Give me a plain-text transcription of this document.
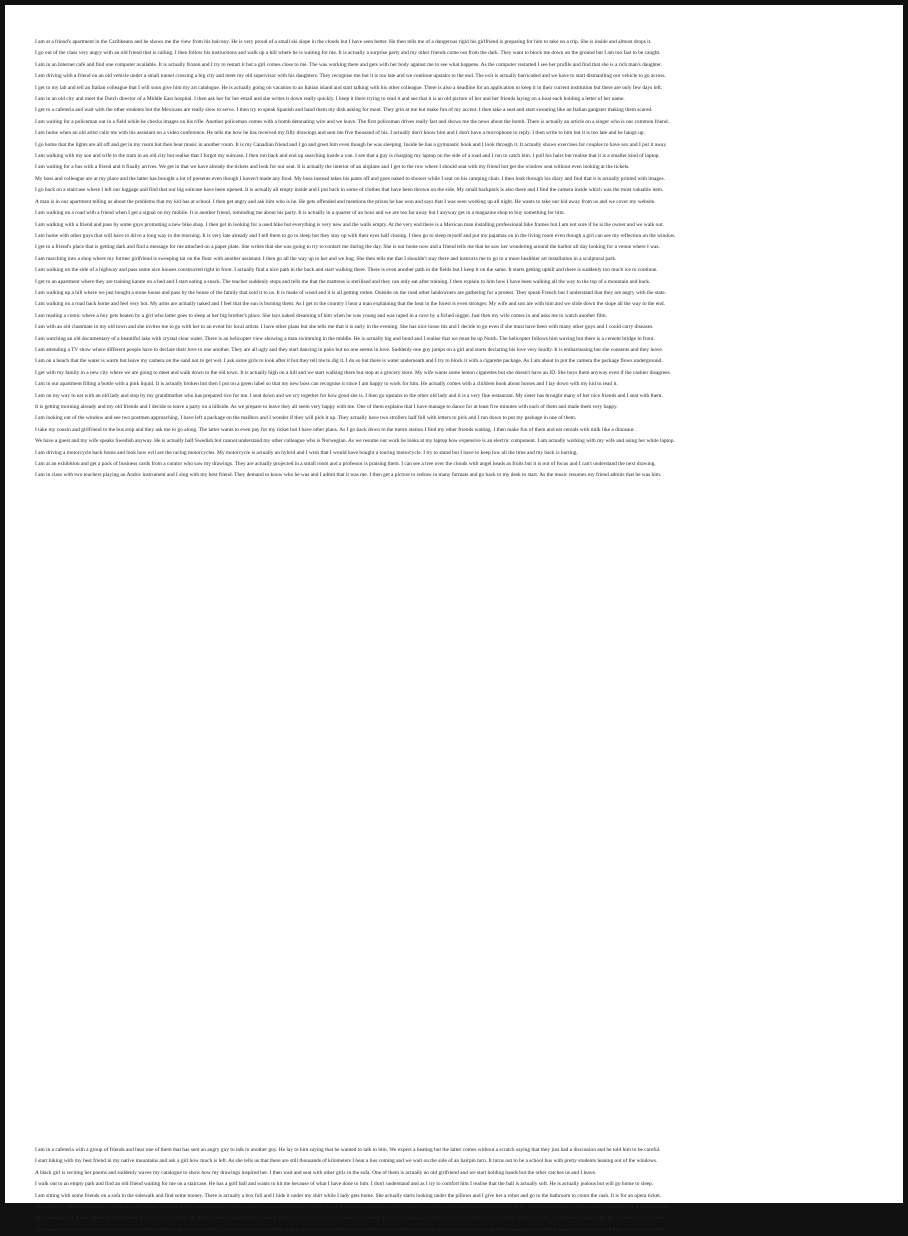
I am at a friend's apartment in the Caribbeans and he shows me the view from his balcony. He is very proud of a small ski slope in the clouds but I have seen better. He then tells me of a dangerous rigid his girlfriend is preparing for him to take on a trip. She is inside and almost drops it.
I go out of the class very angry with an old friend that is calling. I then follow his instructions and walk up a hill where he is waiting for me. It is actually a surprise party and my other friends come out from the dark. They want to block me down on the ground but I am too fast to be caught.
I am in an Internet café and find one computer available. It is actually frozen and I try to restart it but a girl comes close to me. The was working there and gets with her body against me to see what happens. As the computer restarted I see her profile and find that she is a rich man's daughter.
I am driving with a friend on an old vehicle under a small tunnel crossing a big city and meet my old supervisor with his daughters. They recognise me but it is too late and we continue upstairs to the end. The exit is actually barricaded and we have to start dismantling our vehicle to go across.
I get to my lab and tell an Italian colleague that I will soon give him my art catalogue. He is actually going on vacation to an Italian island and start talking with his other colleague. There is also a deadline for an application to keep it in their current institution but there are only few days left.
I am in an old city and meet the Dutch director of a Middle East hospital. I then ask her for her email and she writes it down really quickly. I keep it there trying to read it and see that it is an old picture of her and her friends laying on a boat each holding a letter of her name.
I get to a cafeteria and wait with the other students but the Mexicans are really slow to serve. I then try to speak Spanish and hand them my dish asking for meat. They grin at me but make fun of my accent. I then take a seat and start swearing like an Italian gangster making them scared.
I am waiting for a policeman out in a field while he checks images on his rifle. Another policeman comes with a bomb detonating wire and we leave. The first policeman drives really fast and shows me the news about the bomb. There is actually an article on a singer who is our common friend.
I am home when an old artist calls me with his assistant on a video conference. He tells me how he has received my fifty drawings and sent me five thousand of his. I actually don't know him and I don't have a microphone to reply. I then write to him but it is too late and he hangs up.
I go home that the lights are all off and get in my room but then hear music in another room. It is my Canadian friend and I go and greet him even though he was sleeping. Inside he has a gymnastic book and I look through it. It actually shows exercises for couples to have sex and I put it away.
I am walking with my son and wife to the tram in an old city but realise that I forgot my suitcase. I then run back and end up searching inside a van. I see that a guy is charging my laptop on the side of a road and I run to catch him. I pull his hairs but realise that it is a smaller kind of laptop.
I am waiting for a bus with a friend and it finally arrives. We get in that we have already the tickets and look for our seat. It is actually the interior of an airplane and I get to the row where I should seat with my friend but get the window seat without even looking at the tickets.
My boss and colleague are at my place and the latter has brought a lot of presents even though I haven't made any food. My boss instead takes his pants off and goes naked to shower while I seat on his camping chair. I then look through his diary and find that it is actually printed with images.
I go back on a staircase where I left our luggage and find that our big suitcase have been opened. It is actually all empty inside and I put back in some of clothes that have been thrown on the side. My small backpack is also there and I find the camera inside which was the most valuable item.
A man is in our apartment telling us about the problems that my kid has at school. I then get angry and ask him who is he. He gets offended and mentions the prizes he has won and says that I was seen working up all night. He wants to take our kid away from us and we cover my website.
I am walking on a road with a friend when I get a signal on my mobile. It is another friend, reminding me about his party. It is actually in a quarter of an hour and we are too far away but I anyway get in a magazine shop to buy something for him.
I am walking with a friend and pass by some guys promoting a new bike shop. I then get in looking for a used bike but everything is very new and the walls empty. At the very end there is a Mexican man installing professional bike frames but I am not sure if he is the owner and we walk out.
I am home with other guys that will have to drive a long way in the morning. It is very late already and I tell them to go to sleep but they stay up with their eyes half closing. I then go to sleep myself and put my pajamas on in the living room even though a girl can see my reflection on the window.
I get to a friend's place that is getting dark and find a message for me attached on a paper plate. She writes that she was going to try to contact me during the day. She is not home now and a friend tells me that he saw her wondering around the harbor all day looking for a venue where I was.
I am marching into a shop where my former girlfriend is sweeping tar on the floor with another assistant. I then go all the way up to her and we hug. She then tells me that I shouldn't stay there and instructs me to go to a more healthier art installation in a sculptural park.
I am walking on the side of a highway and pass some nice houses constructed right in front. I actually find a nice path in the back and start walking there. There is even another path in the fields but I keep it on the same. It starts getting uphill and there is suddenly too much ice to continue.
I get to an apartment where they are training karate on a bed and I start eating a snack. The teacher suddenly stops and tells me that the mattress is sterilised and they can only eat after training. I then explain to him how I have been walking all the way to the top of a mountain and back.
I am walking up a hill where we just bought a stone house and pass by the house of the family that sold it to us. It is made of wood and it is all getting rotten. Outside on the road other landowners are gathering for a protest. They speak French but I understand that they are angry with the state.
I am walking on a road back home and feel very hot. My arms are actually naked and I feel that the sun is burning them. As I get to the country I hear a man explaining that the heat in the forest is even stronger. My wife and son are with him and we slide down the slope all the way to the end.
I am reading a comic where a boy gets beaten by a girl who latter goes to sleep at her big brother's place. She lays naked dreaming of him when he was young and was raped in a cave by a fiched nigger. Just then my wife comes in and asks me to watch another film.
I am with an old classmate in my old town and she invites me to go with her to an event for local artists. I have other plans but she tells me that it is early in the evening. She has nice loose tits and I decide to go even if she must have been with many other guys and I could carry diseases.
I am watching an old documentary of a beautiful lake with crystal clear water. There is an helicopter view showing a man swimming in the middle. He is actually big and bond and I realise that we must be up North. The helicopter follows him waving but there is a cement bridge in front.
I am attending a TV show where different people have to declare their love to one another. They are all ugly and they start dancing in pairs but no one seems in love. Suddenly one guy jumps on a girl and starts declaring his love very loudly. It is embarrassing but she consents and they leave.
I am on a beach that the water is warm but leave my camera on the sand not to get wet. I ask some girls to look after it but they tell me to dig it. I do so but there is water underneath and I try to block it with a cigarette package. As I am about to put the camera the package flows underground.
I get with my family in a new city where we are going to meet and walk down to the old town. It is actually high on a hill and we start walking there but stop at a grocery store. My wife wants some lemon cigarettes but she doesn't have an ID. She buys them anyway even if the cashier disagrees.
I am in our apartment filling a bottle with a pink liquid. It is actually broken but then I put on a green label so that my new boss can recognise it since I am happy to work for him. He actually comes with a children book about horses and I lay down with my kid to read it.
I am on my way to eat with an old lady and stop by my grandmother who has prepared rice for me. I seat down and we cry together for how good she is. I then go upstairs to the other old lady and it is a very fine restaurant. My sister has brought many of her nice friends and I seat with them.
It is getting morning already and my old friends and I decide to leave a party on a hillside. As we prepare to leave they all seem very happy with me. One of them explains that I have manage to dance for at least five minutes with each of them and made them very happy.
I am looking out of the window and see two postmen approaching. I have left a package on the mailbox and I wonder if they will pick it up. They actually have two strollers half full with letters to pick and I run down to put my package in one of them.
I take my cousin and girlfriend to the bus stop and they ask me to go along. The latter wants to even pay for my ticket but I have other plans. As I go back down to the metro station I find my other friends waiting. I then make fun of them and eat cereals with milk like a dinosaur.
We have a guest and my wife speaks Swedish anyway. He is actually half Swedish but cannot understand my other colleague who is Norwegian. As we resume our work he looks at my laptop how expensive is an electric component. I am actually working with my wife and using her white laptop.
I am driving a motorcycle back home and look how evil are the racing motorcycles. My motorcycle is actually an hybrid and I wish that I would have bought a touring motorcycle. I try to stand but I have to keep low all the time and my back is hurting.
I am at an exhibition and get a pack of business cards from a curator who saw my drawings. They are actually projected in a small room and a professor is praising them. I can see a tree over the clouds with angel heads as fruits but it is out of focus and I can't understand the next drawing.
I am in class with two teachers playing an Arabic instrument and I sing with my best friend. They demand to know who he was and I admit that it was me. I then get a picture to redraw in many formats and go back to my desk to start. As the music resumes my friend admits that he was him.
I am in a cafeteria with a group of friends and hear one of them that has sent an angry guy to talk to another guy. He lay to him saying that he wanted to talk to him. We expect a beating but the latter comes without a scratch saying that they just had a discussion and he told him to be careful.
I start biking with my best friend in my native mountains and ask a girl how much is left. As she tells us that there are still thousands of kilometers I hear a bus coming and we wait on the side of an hairpin turn. It turns out to be a school bus with pretty students leaning out of the windows.
A black girl is reciting her poems and suddenly waves my catalogue to show how my drawings inspired her. I then wait and seat with other girls in the sofa. One of them is actually an old girlfriend and we start holding hands but the other catches us and I leave.
I walk out to an empty park and find an old friend waiting for me on a staircase. He has a golf ball and wants to hit me because of what I have done to him. I don't understand and as I try to comfort him I realise that the ball is actually soft. He is actually jealous but will go home to sleep.
I am sitting with some friends on a sofa in the sidewalk and find some money. There is actually a box full and I hide it under my shirt while I lady gets home. She actually starts looking under the pillows and I give her a robot and go to the bathroom to count the cash. It is for an opera ticket.
I am with my old friends having a coffee at a lady's place and look at her young daughter. I then wonder if we are related and I tell her to ask if she knows about me and my sister who is there. She doesn't and I then tell her of my mother working in a clothes shop in town but she is not surprised.
I am walking with a new American friend home and we cross a bridge. He starts walking straight but the road is much faster to the left and we walk down there. The sun is rising and I think of our other friend who got stuck talking to a lady the previous night. There are no more trams for him.
I am walking alone in a square and notice a low building with actual sculptures sitting like they were humans. One of them is actually a real black person with kids and I think of placing my own sculpture there. As I keep walking I realise that there is a big camera and they are shooting a film.
